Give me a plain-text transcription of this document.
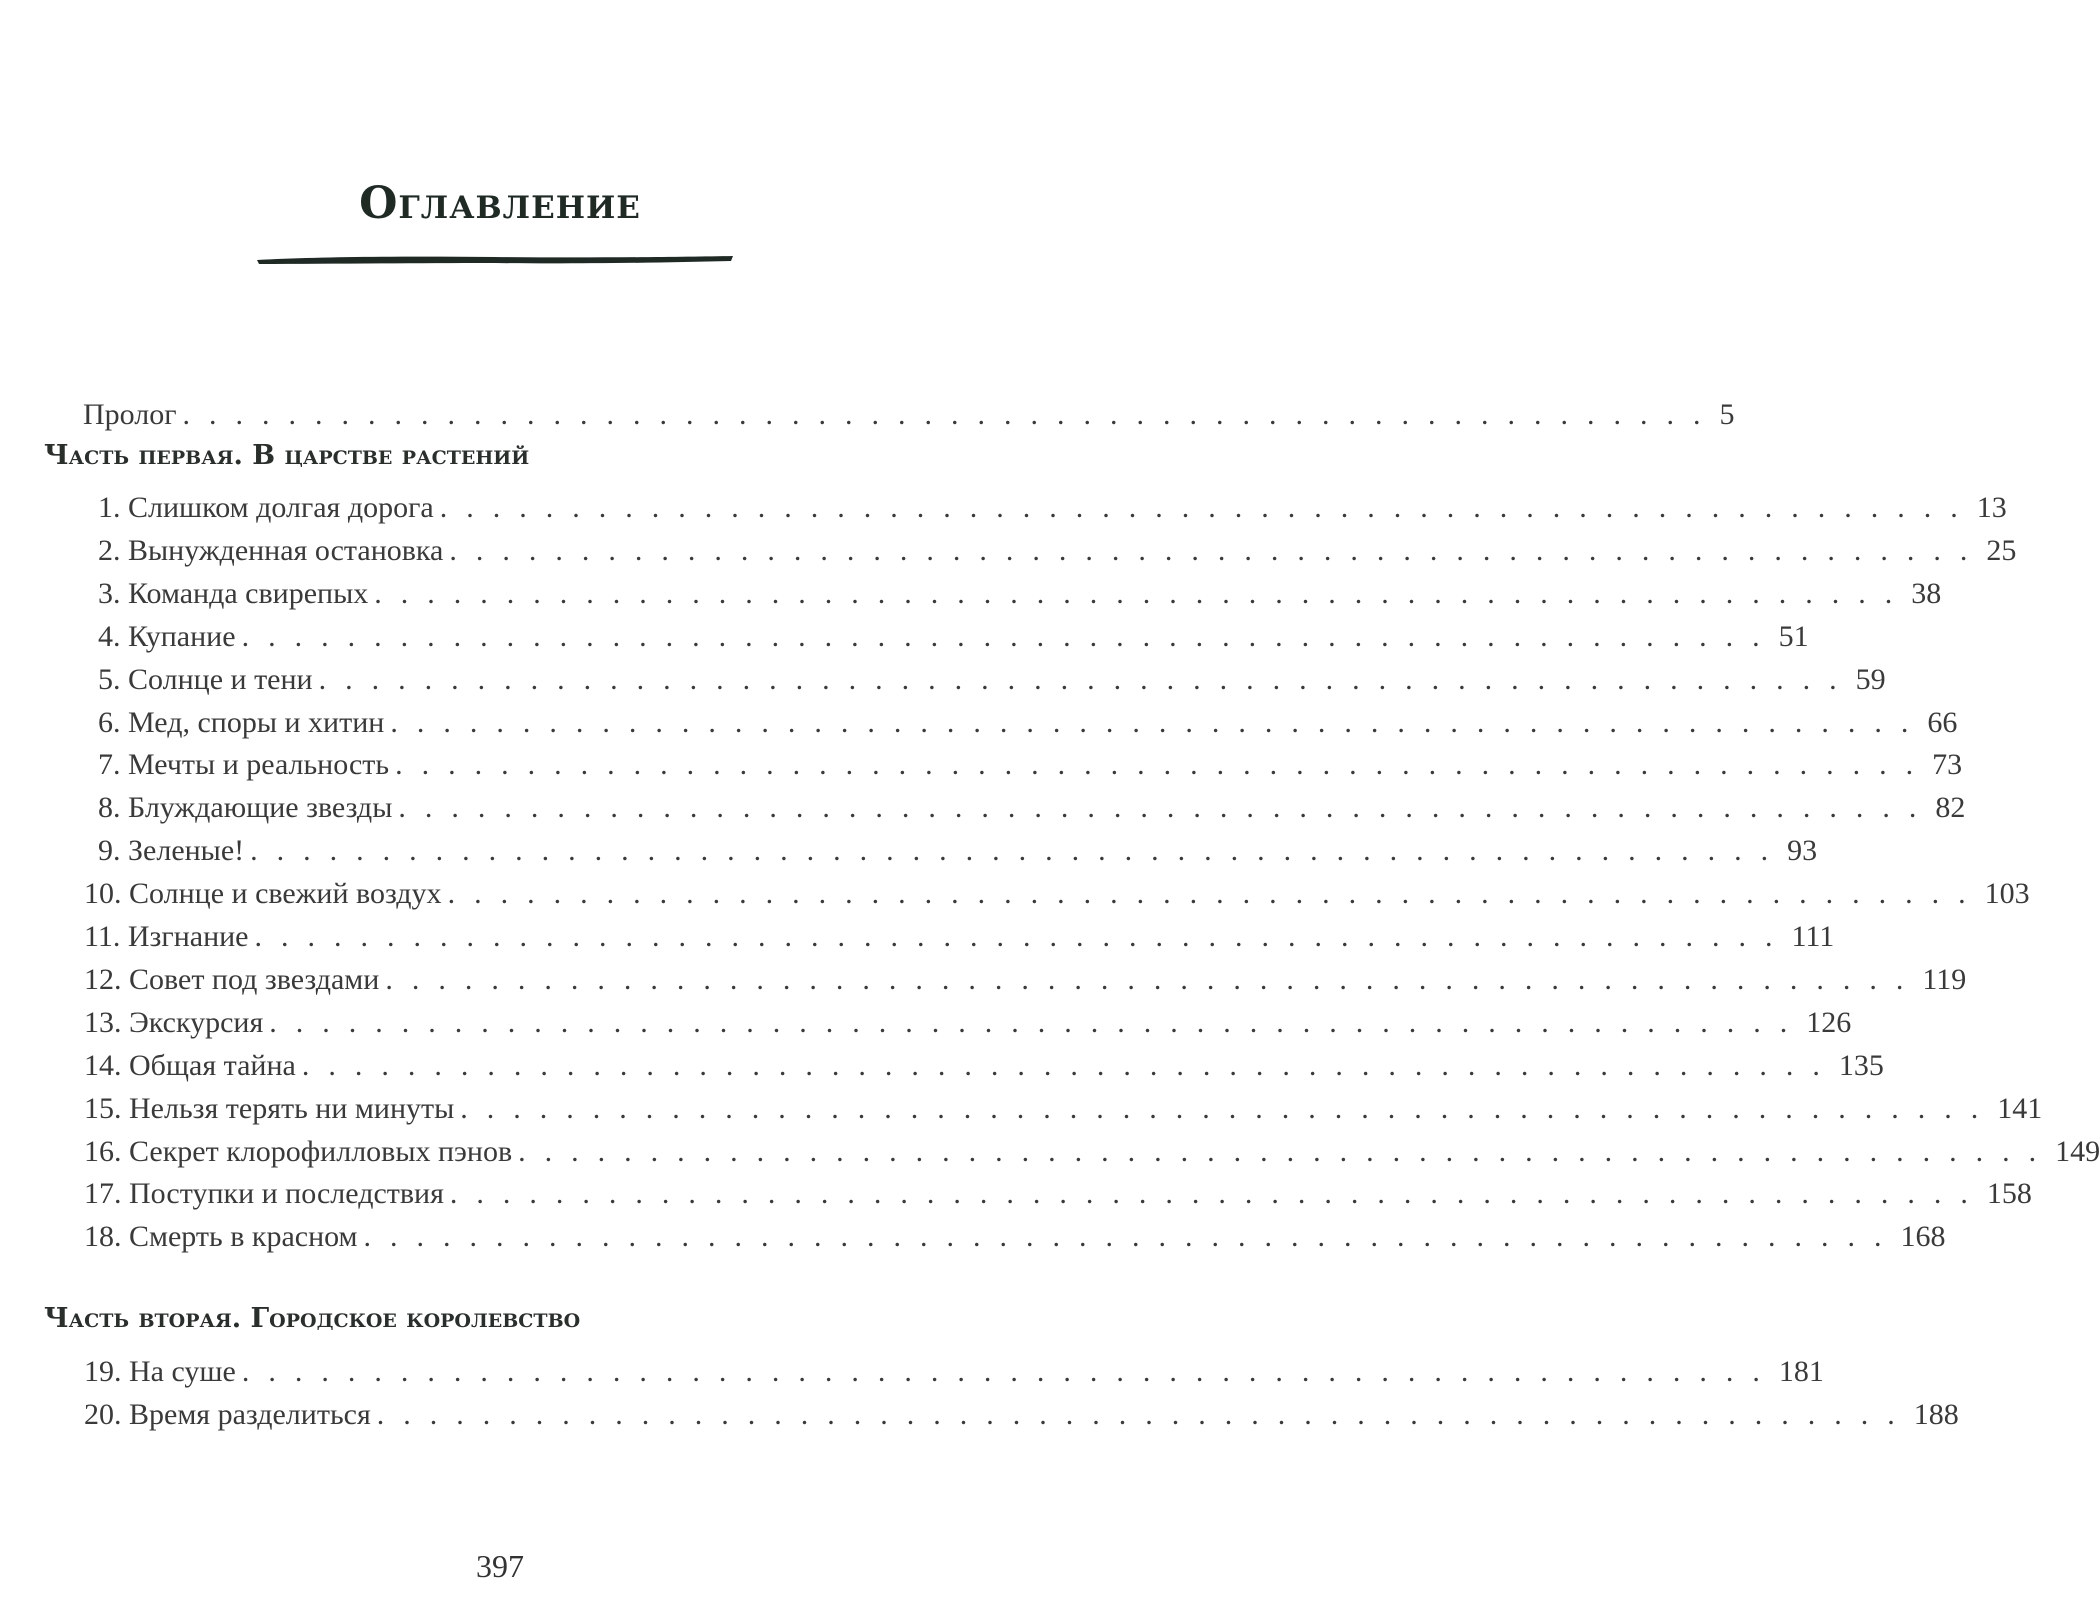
Оглавление
Пролог .......................................................... 5
Часть первая. В царстве растений
1. Слишком долгая дорога .......................................................... 13
2. Вынужденная остановка .......................................................... 25
3. Команда свирепых .......................................................... 38
4. Купание .......................................................... 51
5. Солнце и тени .......................................................... 59
6. Мед, споры и хитин .......................................................... 66
7. Мечты и реальность .......................................................... 73
8. Блуждающие звезды .......................................................... 82
9. Зеленые! .......................................................... 93
10. Солнце и свежий воздух .......................................................... 103
11. Изгнание .......................................................... 111
12. Совет под звездами .......................................................... 119
13. Экскурсия .......................................................... 126
14. Общая тайна .......................................................... 135
15. Нельзя терять ни минуты .......................................................... 141
16. Секрет клорофилловых пэнов .......................................................... 149
17. Поступки и последствия .......................................................... 158
18. Смерть в красном .......................................................... 168
Часть вторая. Городское королевство
19. На суше .......................................................... 181
20. Время разделиться .......................................................... 188
397
